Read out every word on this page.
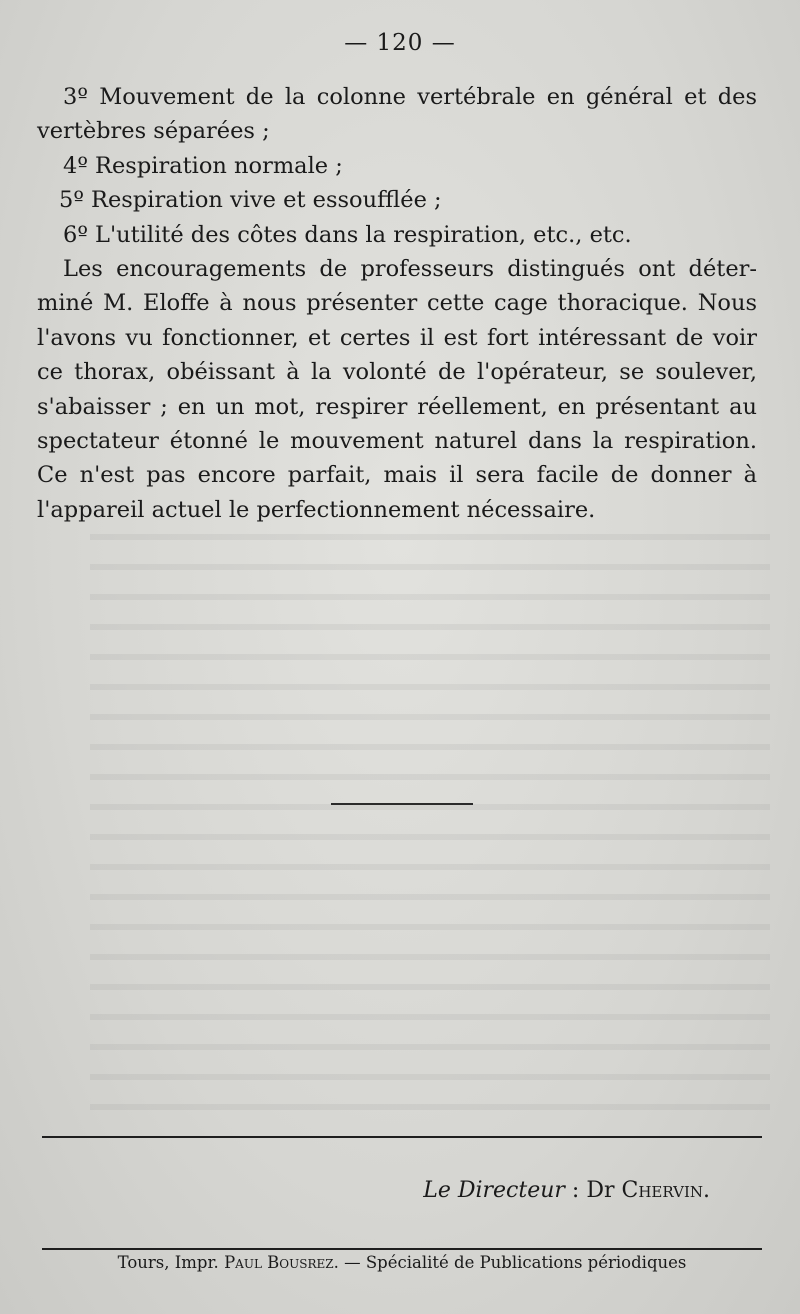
— 120 —
3º Mouvement de la colonne vertébrale en général et des
vertèbres séparées ;
4º Respiration normale ;
5º Respiration vive et essoufflée ;
6º L'utilité des côtes dans la respiration, etc., etc.
Les encouragements de professeurs distingués ont déter-
miné M. Eloffe à nous présenter cette cage thoracique. Nous
l'avons vu fonctionner, et certes il est fort intéressant de voir
ce thorax, obéissant à la volonté de l'opérateur, se soulever,
s'abaisser ; en un mot, respirer réellement, en présentant au
spectateur étonné le mouvement naturel dans la respiration.
Ce n'est pas encore parfait, mais il sera facile de donner à
l'appareil actuel le perfectionnement nécessaire.
Le Directeur : Dr Chervin.
Tours, Impr. Paul Bousrez. — Spécialité de Publications périodiques
